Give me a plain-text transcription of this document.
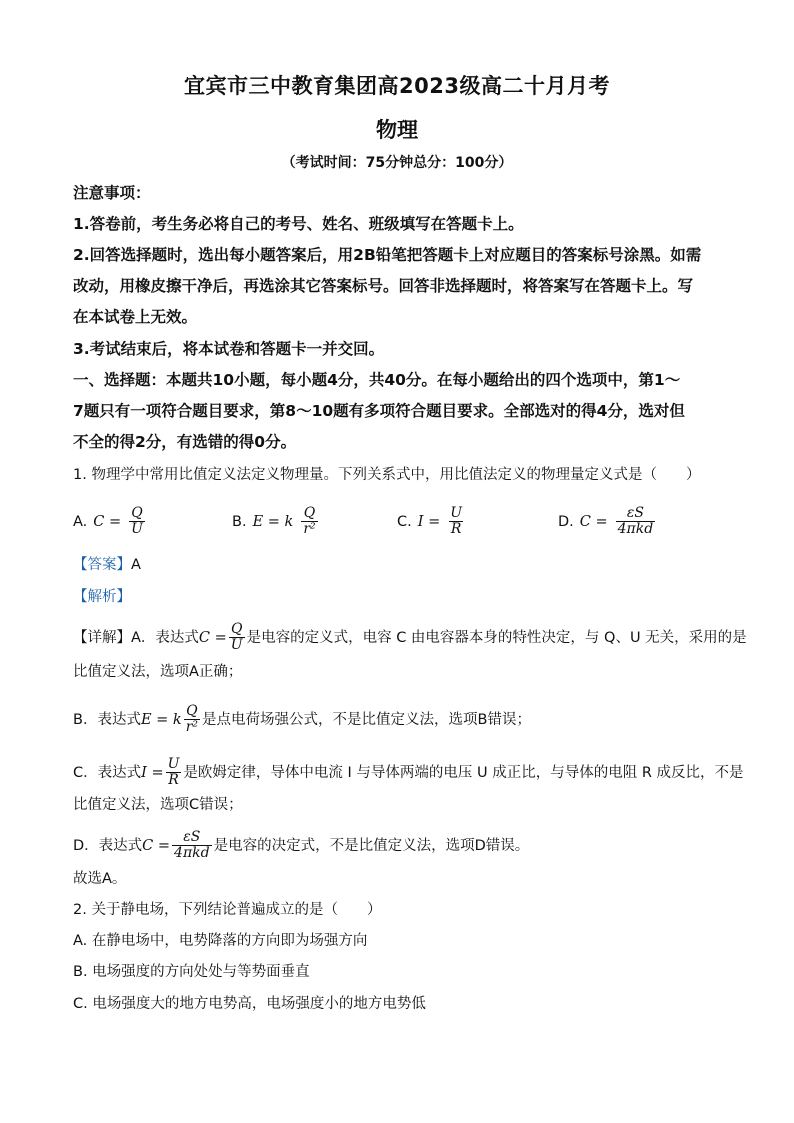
宜宾市三中教育集团高2023级高二十月月考
物理
（考试时间：75分钟总分：100分）
注意事项：
1.答卷前，考生务必将自己的考号、姓名、班级填写在答题卡上。
2.回答选择题时，选出每小题答案后，用2B铅笔把答题卡上对应题目的答案标号涂黑。如需
改动，用橡皮擦干净后，再选涂其它答案标号。回答非选择题时，将答案写在答题卡上。写
在本试卷上无效。
3.考试结束后，将本试卷和答题卡一并交回。
一、选择题：本题共10小题，每小题4分，共40分。在每小题给出的四个选项中，第1～
7题只有一项符合题目要求，第8～10题有多项符合题目要求。全部选对的得4分，选对但
不全的得2分，有选错的得0分。
1. 物理学中常用比值定义法定义物理量。下列关系式中，用比值法定义的物理量定义式是（　　）
A. $C = \frac{Q}{U}$	B. E = k $\frac{Q}{\text{r²}}$	C. $I = \frac{U}{R}$	D. $C = \frac{\varepsilon S}{\text{4πkd}}$
【答案】A
【解析】
【详解】 A．表达式 $C = \frac{Q}{U}$ 是电容的定义式，电容 C 由电容器本身的特性决定，与 Q、U 无关，采用的是
比值定义法，选项A正确；
B．表达式 E = k $\frac{Q}{\text{r²}}$ 是点电荷场强公式，不是比值定义法，选项B错误；
C．表达式 $I = \frac{U}{R}$ 是欧姆定律，导体中电流 I 与导体两端的电压 U 成正比，与导体的电阻 R 成反比，不是
比值定义法，选项C错误；
D．表达式 $C = \frac{\varepsilon S}{\text{4πkd}}$ 是电容的决定式，不是比值定义法，选项D错误。
故选A。
2. 关于静电场，下列结论普遍成立的是（　　）
A. 在静电场中，电势降落的方向即为场强方向
B. 电场强度的方向处处与等势面垂直
C. 电场强度大的地方电势高，电场强度小的地方电势低
